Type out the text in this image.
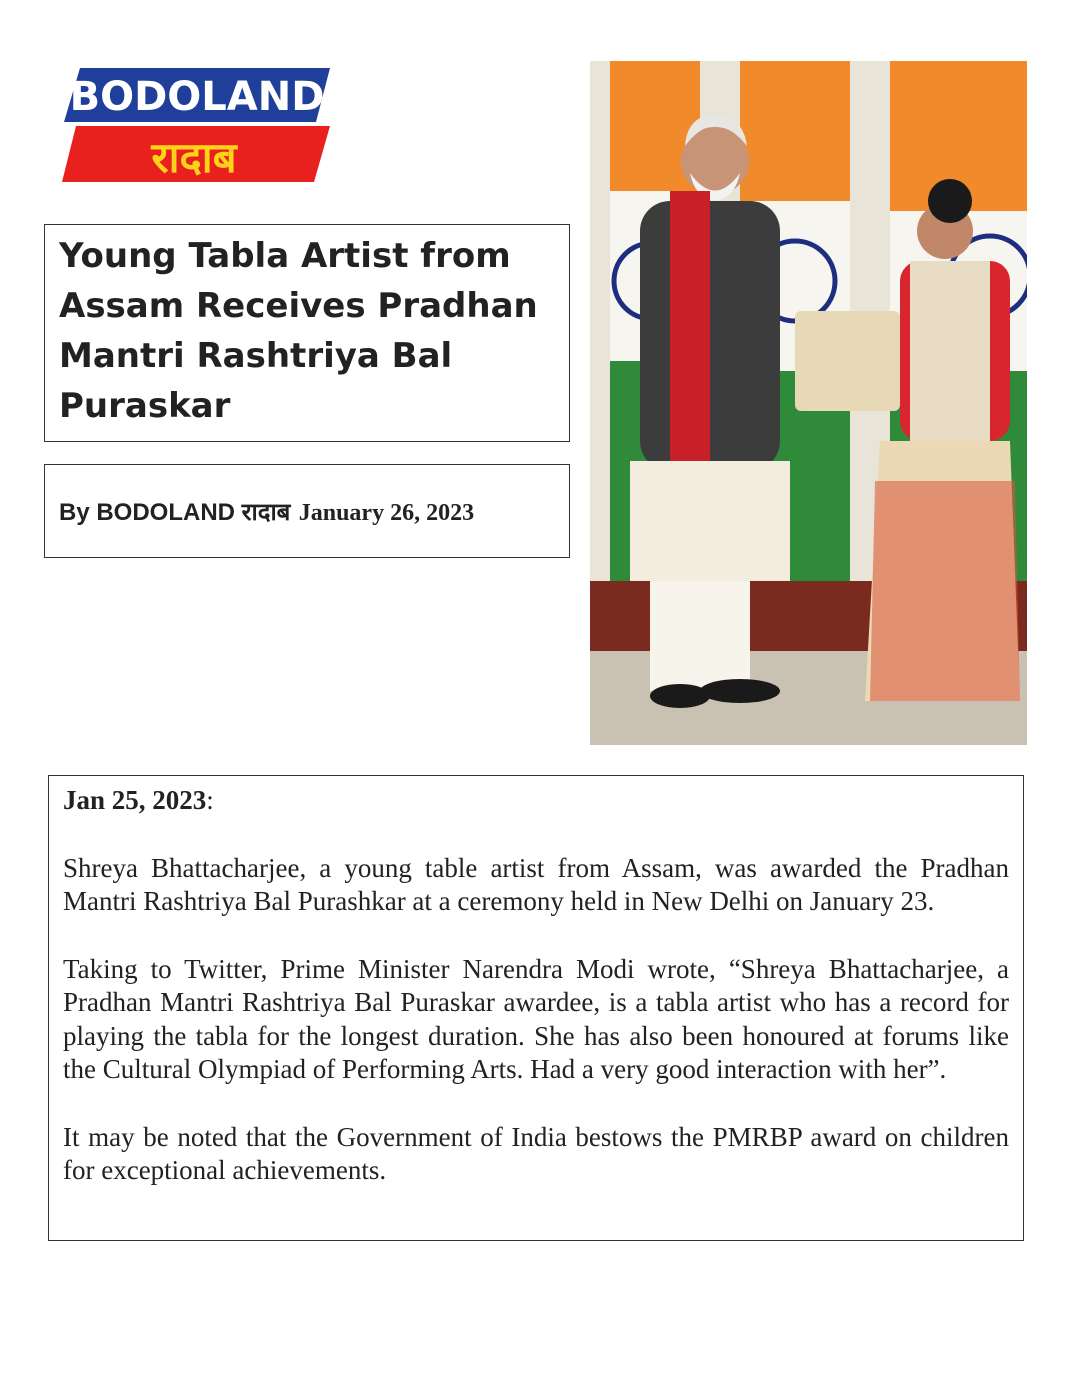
BODOLAND
रादाब
Young Tabla Artist from Assam Receives Pradhan Mantri Rashtriya Bal Puraskar
By BODOLAND रादाब January 26, 2023

Jan 25, 2023:

Shreya Bhattacharjee, a young table artist from Assam, was awarded the Pradhan Mantri Rashtriya Bal Purashkar at a ceremony held in New Delhi on January 23.

Taking to Twitter, Prime Minister Narendra Modi wrote, “Shreya Bhattacharjee, a Pradhan Mantri Rashtriya Bal Puraskar awardee, is a tabla artist who has a record for playing the tabla for the longest duration. She has also been honoured at forums like the Cultural Olympiad of Performing Arts. Had a very good interaction with her”.

It may be noted that the Government of India bestows the PMRBP award on children for exceptional achievements.
